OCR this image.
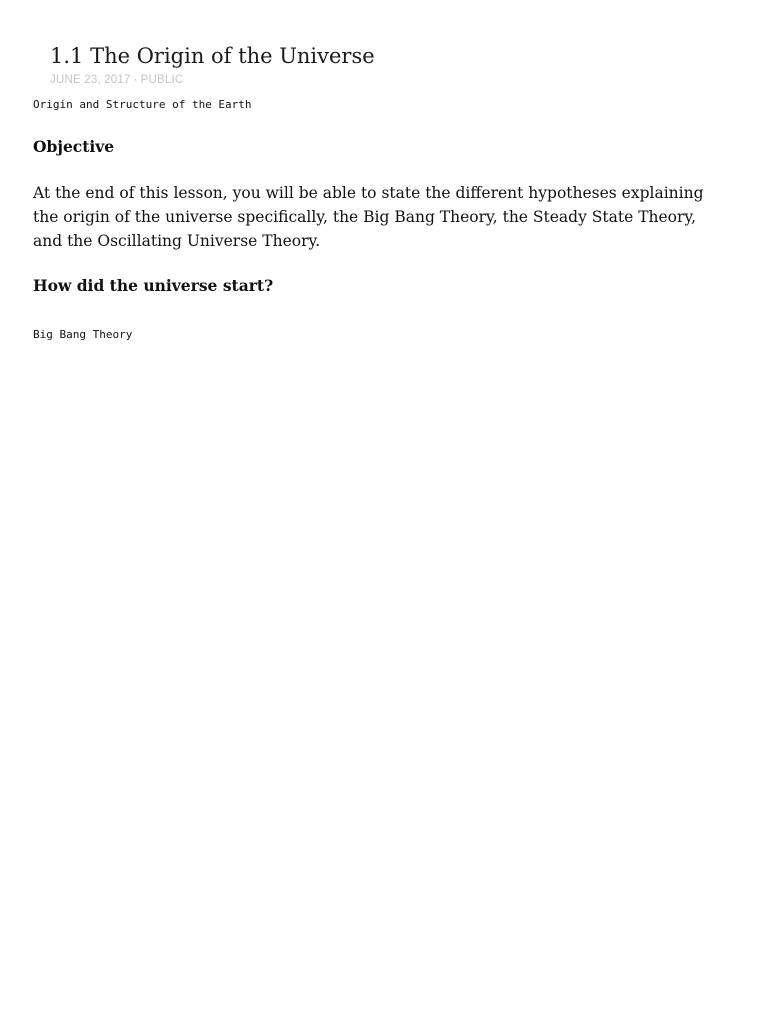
1.1 The Origin of the Universe
JUNE 23, 2017 · PUBLIC
Origin and Structure of the Earth
Objective

At the end of this lesson, you will be able to state the different hypotheses explaining the origin of the universe specifically, the Big Bang Theory, the Steady State Theory, and the Oscillating Universe Theory.

How did the universe start?
Big Bang Theory
